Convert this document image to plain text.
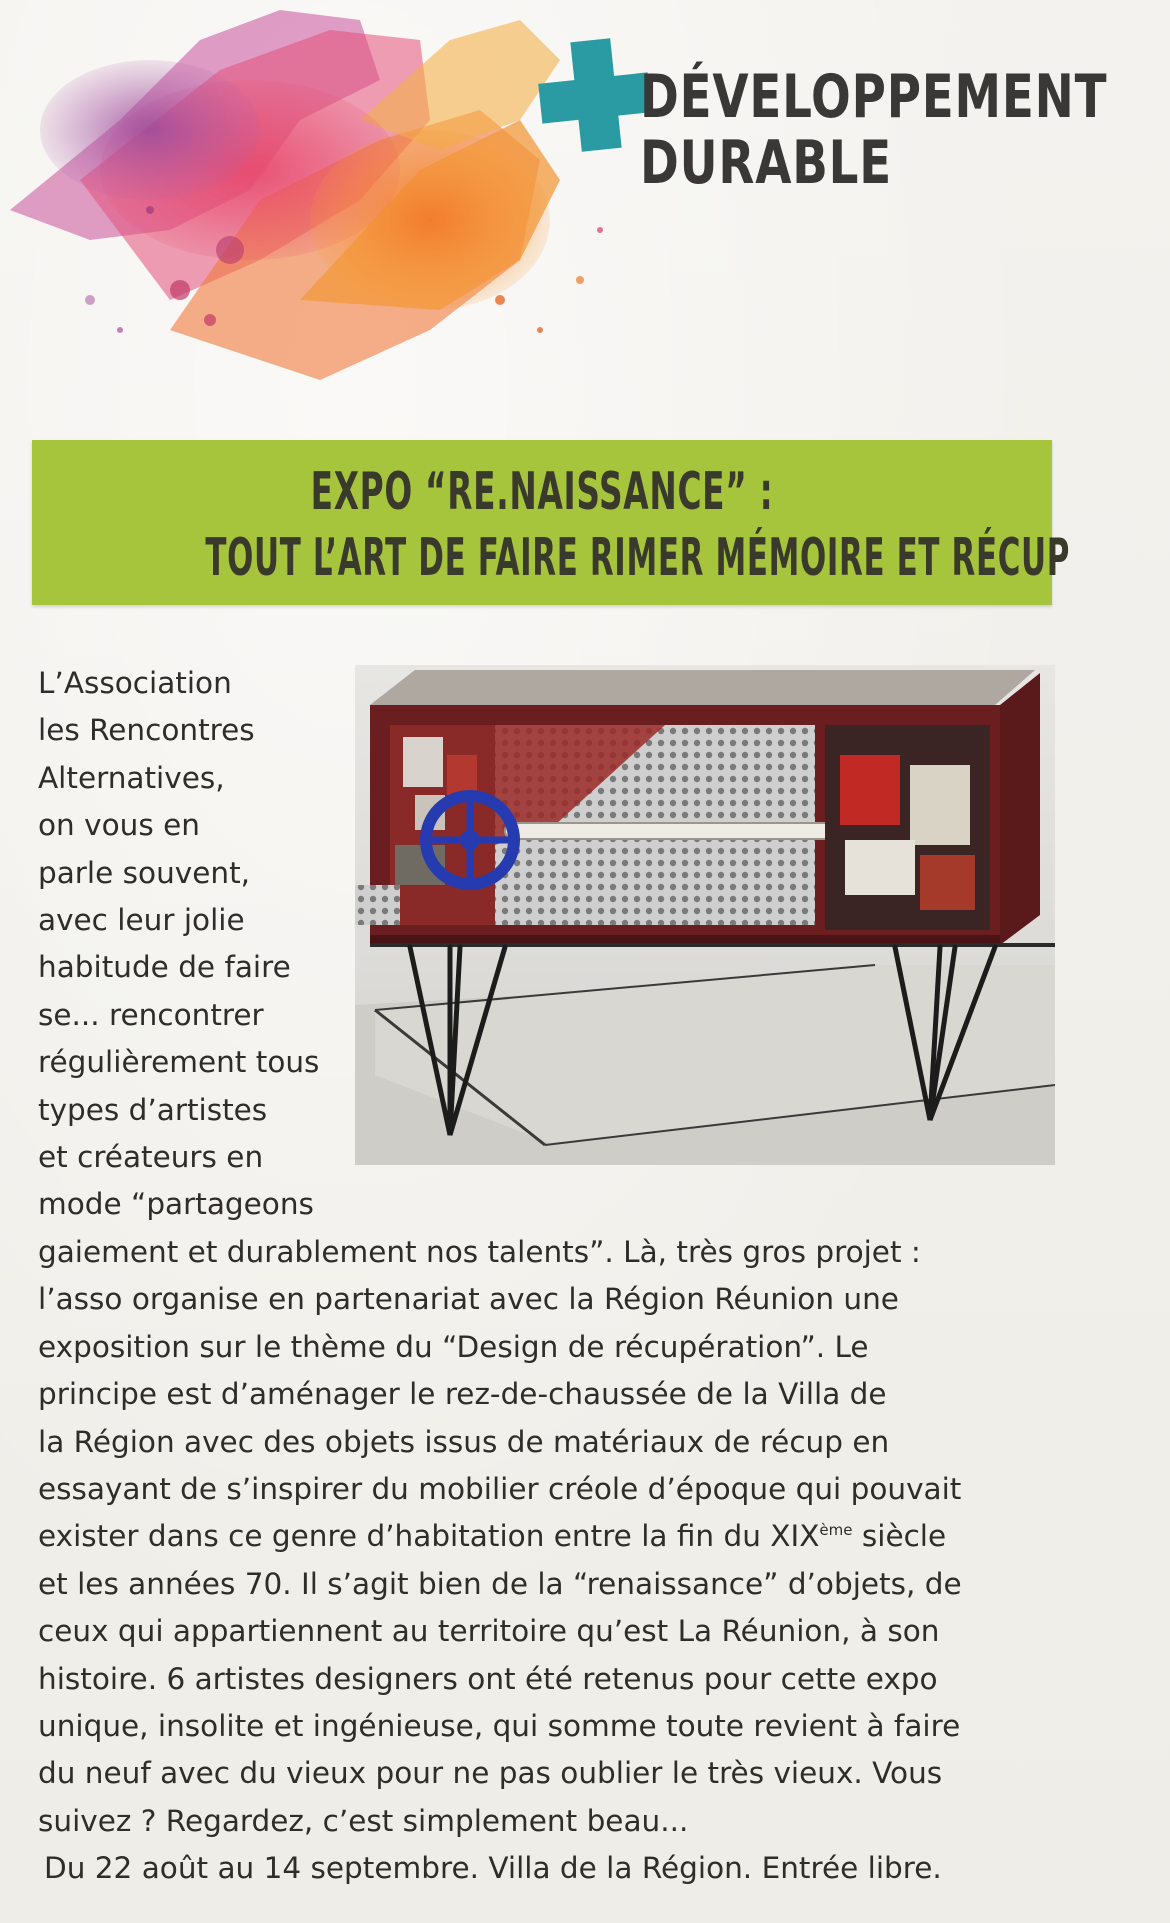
DÉVELOPPEMENT
DURABLE
EXPO “RE.NAISSANCE” :
TOUT L’ART DE FAIRE RIMER MÉMOIRE ET RÉCUP
L’Association
les Rencontres
Alternatives,
on vous en
parle souvent,
avec leur jolie
habitude de faire
se... rencontrer
régulièrement tous
types d’artistes
et créateurs en
mode “partageons
gaiement et durablement nos talents”. Là, très gros projet :
l’asso organise en partenariat avec la Région Réunion une
exposition sur le thème du “Design de récupération”. Le
principe est d’aménager le rez-de-chaussée de la Villa de
la Région avec des objets issus de matériaux de récup en
essayant de s’inspirer du mobilier créole d’époque qui pouvait
exister dans ce genre d’habitation entre la fin du XIXème siècle
et les années 70. Il s’agit bien de la “renaissance” d’objets, de
ceux qui appartiennent au territoire qu’est La Réunion, à son
histoire. 6 artistes designers ont été retenus pour cette expo
unique, insolite et ingénieuse, qui somme toute revient à faire
du neuf avec du vieux pour ne pas oublier le très vieux. Vous
suivez ? Regardez, c’est simplement beau...

Du 22 août au 14 septembre. Villa de la Région. Entrée libre.
